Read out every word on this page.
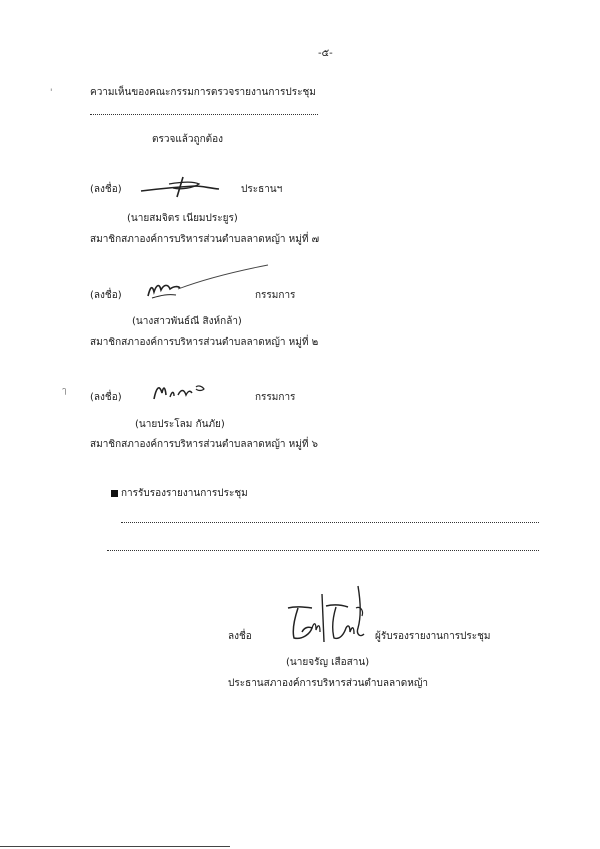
-๕-
'	ความเห็นของคณะกรรมการตรวจรายงานการประชุม
ตรวจแล้วถูกต้อง
(ลงชื่อ)	ประธานฯ
(นายสมจิตร เนียมประยูร)
สมาชิกสภาองค์การบริหารส่วนตำบลลาดหญ้า หมู่ที่ ๗
(ลงชื่อ)	กรรมการ
(นางสาวพันธ์ณี สิงห์กล้า)
สมาชิกสภาองค์การบริหารส่วนตำบลลาดหญ้า หมู่ที่ ๒
ๅ
(ลงชื่อ)	กรรมการ
(นายประโลม กันภัย)
สมาชิกสภาองค์การบริหารส่วนตำบลลาดหญ้า หมู่ที่ ๖
การรับรองรายงานการประชุม
ลงชื่อ	ผู้รับรองรายงานการประชุม
(นายจรัญ เสือสาน)
ประธานสภาองค์การบริหารส่วนตำบลลาดหญ้า
